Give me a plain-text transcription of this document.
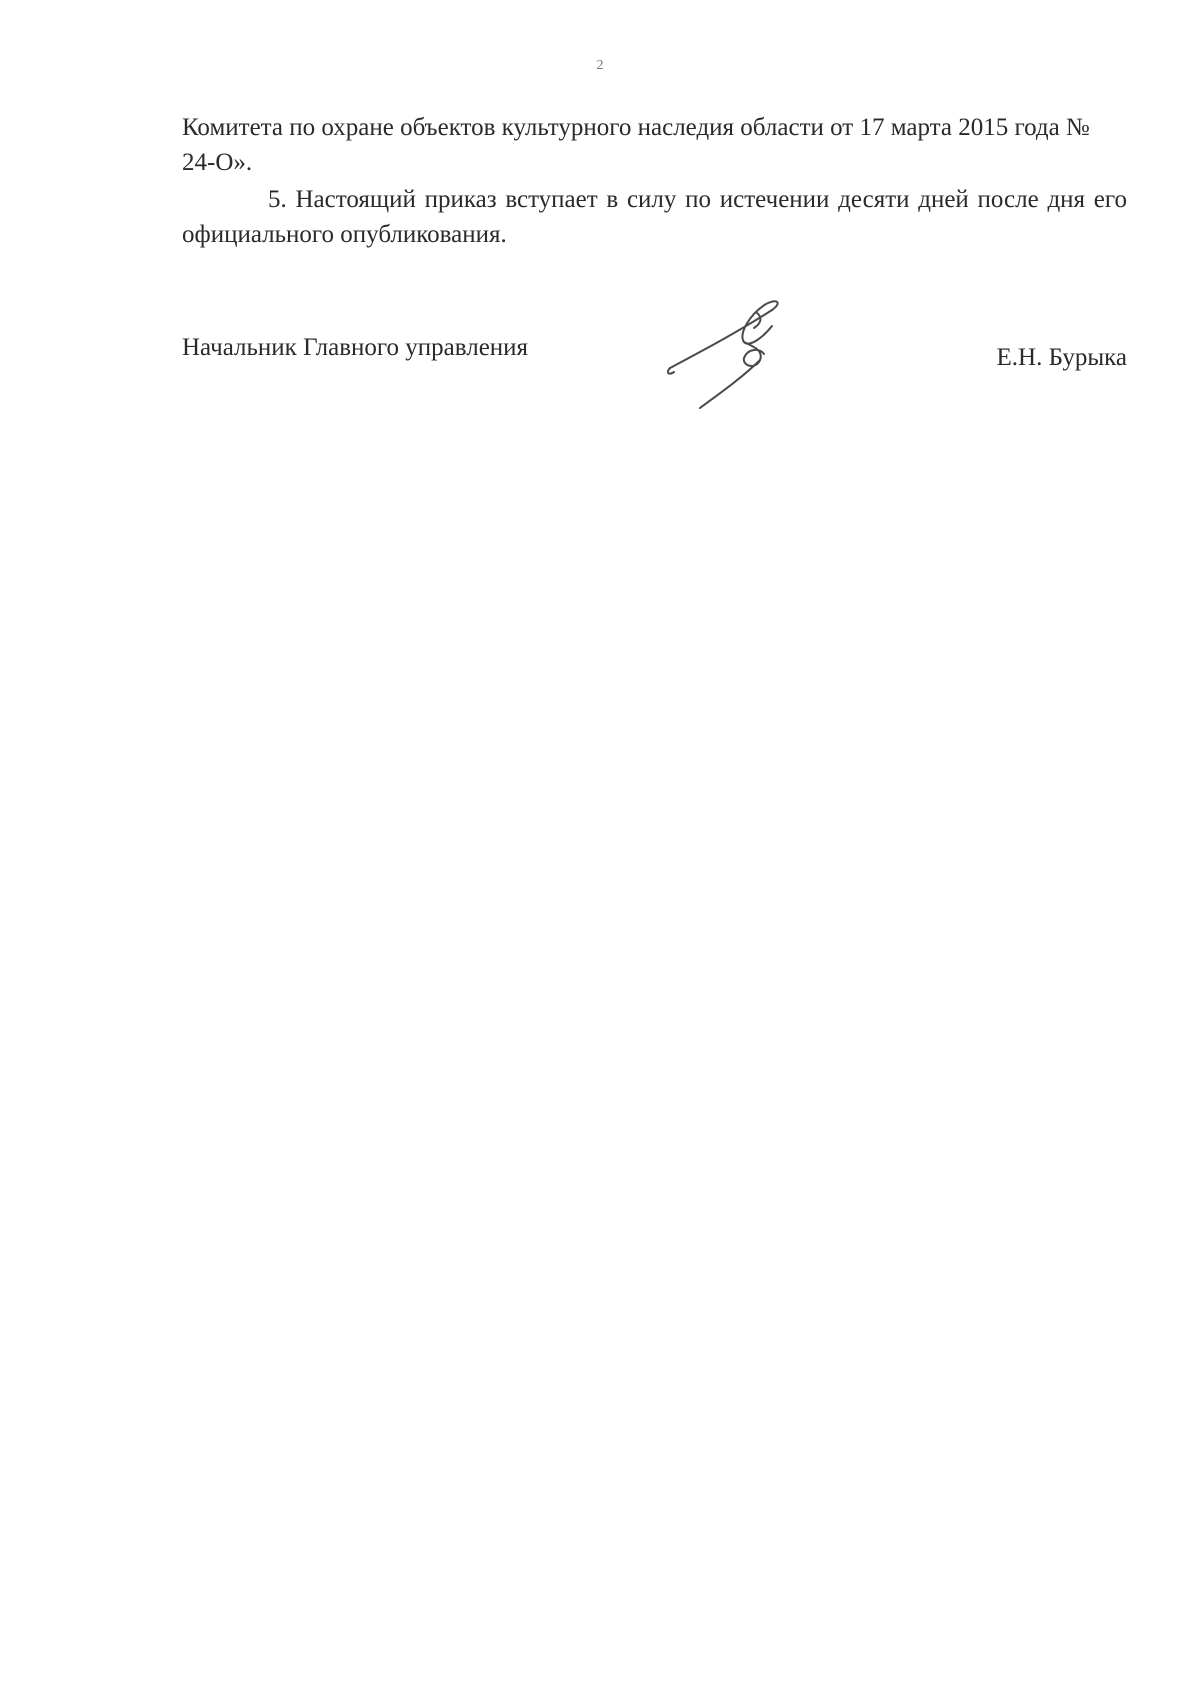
2

Комитета по охране объектов культурного наследия области от 17 марта 2015 года № 24-О».

5. Настоящий приказ вступает в силу по истечении десяти дней после дня его официального опубликования.

Начальник Главного управления	Е.Н. Бурыка
